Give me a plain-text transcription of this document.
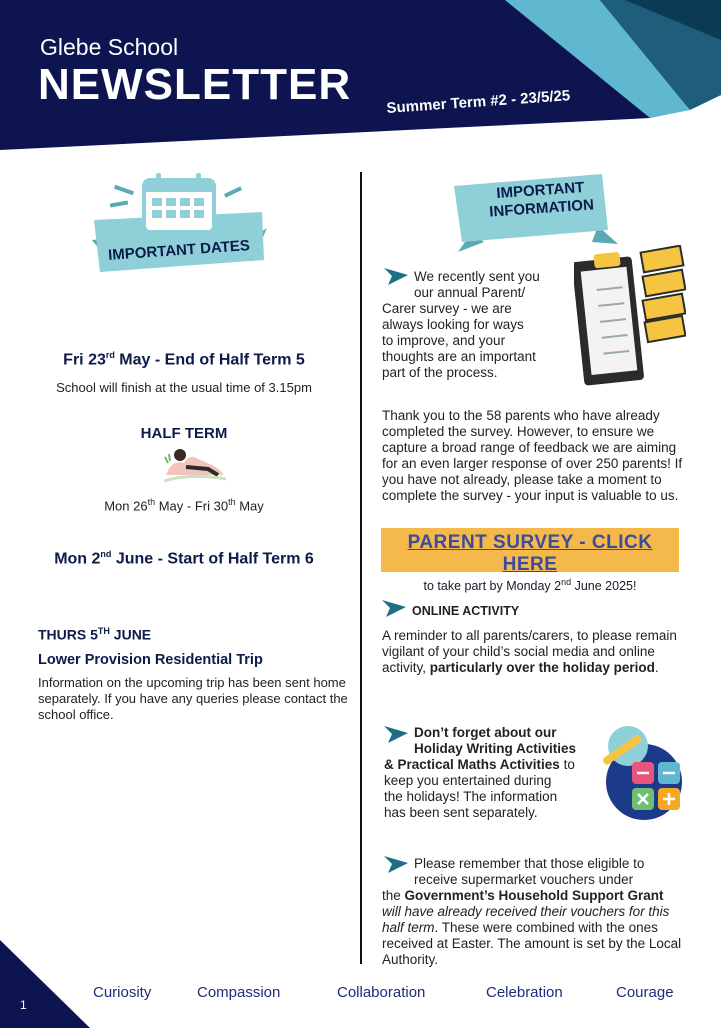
Glebe School
NEWSLETTER Summer Term #2 - 23/5/25
IMPORTANT DATES
Fri 23rd May - End of Half Term 5
School will finish at the usual time of 3.15pm
HALF TERM
Mon 26th May - Fri 30th May
Mon 2nd June - Start of Half Term 6
THURS 5TH JUNE
Lower Provision Residential Trip
Information on the upcoming trip has been sent home separately. If you have any queries please contact the school office.
IMPORTANT
INFORMATION
We recently sent you
our annual Parent/
Carer survey - we are
always looking for ways
to improve, and your
thoughts are an important
part of the process.
Thank you to the 58 parents who have already completed the survey. However, to ensure we capture a broad range of feedback we are aiming for an even larger response of over 250 parents! If you have not already, please take a moment to complete the survey - your input is valuable to us.
PARENT SURVEY - CLICK HERE
to take part by Monday 2nd June 2025!
ONLINE ACTIVITY
A reminder to all parents/carers, to please remain vigilant of your child’s social media and online activity, particularly over the holiday period.
Don’t forget about our
Holiday Writing Activities
& Practical Maths Activities to
keep you entertained during
the holidays! The information
has been sent separately.
Please remember that those eligible to
receive supermarket vouchers under
the Government’s Household Support Grant will have already received their vouchers for this half term. These were combined with the ones received at Easter. The amount is set by the Local Authority.
1
Curiosity	Compassion	Collaboration	Celebration	Courage
